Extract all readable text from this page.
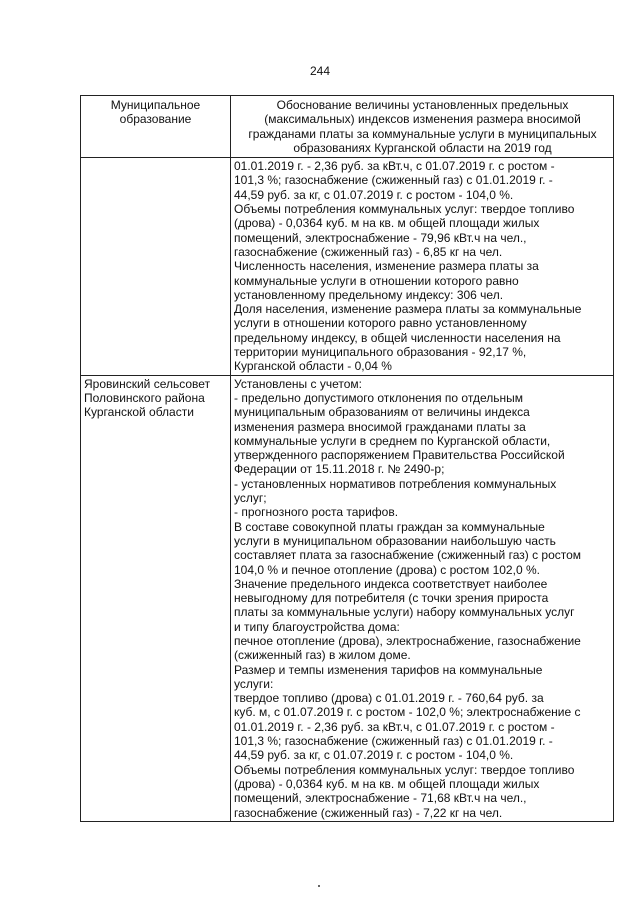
244
Муниципальное
образование
Обоснование величины установленных предельных
(максимальных) индексов изменения размера вносимой
гражданами платы за коммунальные услуги в муниципальных
образованиях Курганской области на 2019 год
01.01.2019 г. - 2,36 руб. за кВт.ч, с 01.07.2019 г. с ростом -
101,3 %; газоснабжение (сжиженный газ) с 01.01.2019 г. -
44,59 руб. за кг, с 01.07.2019 г. с ростом - 104,0 %.
Объемы потребления коммунальных услуг: твердое топливо
(дрова) - 0,0364 куб. м на кв. м общей площади жилых
помещений, электроснабжение - 79,96 кВт.ч на чел.,
газоснабжение (сжиженный газ) - 6,85 кг на чел.
Численность населения, изменение размера платы за
коммунальные услуги в отношении которого равно
установленному предельному индексу: 306 чел.
Доля населения, изменение размера платы за коммунальные
услуги в отношении которого равно установленному
предельному индексу, в общей численности населения на
территории муниципального образования - 92,17 %,
Курганской области - 0,04 %
Яровинский сельсовет
Половинского района
Курганской области
Установлены с учетом:
- предельно допустимого отклонения по отдельным
муниципальным образованиям от величины индекса
изменения размера вносимой гражданами платы за
коммунальные услуги в среднем по Курганской области,
утвержденного распоряжением Правительства Российской
Федерации от 15.11.2018 г. № 2490-р;
- установленных нормативов потребления коммунальных
услуг;
- прогнозного роста тарифов.
В составе совокупной платы граждан за коммунальные
услуги в муниципальном образовании наибольшую часть
составляет плата за газоснабжение (сжиженный газ) с ростом
104,0 % и печное отопление (дрова) с ростом 102,0 %.
Значение предельного индекса соответствует наиболее
невыгодному для потребителя (с точки зрения прироста
платы за коммунальные услуги) набору коммунальных услуг
и типу благоустройства дома:
печное отопление (дрова), электроснабжение, газоснабжение
(сжиженный газ) в жилом доме.
Размер и темпы изменения тарифов на коммунальные
услуги:
твердое топливо (дрова) с 01.01.2019 г. - 760,64 руб. за
куб. м, с 01.07.2019 г. с ростом - 102,0 %; электроснабжение с
01.01.2019 г. - 2,36 руб. за кВт.ч, с 01.07.2019 г. с ростом -
101,3 %; газоснабжение (сжиженный газ) с 01.01.2019 г. -
44,59 руб. за кг, с 01.07.2019 г. с ростом - 104,0 %.
Объемы потребления коммунальных услуг: твердое топливо
(дрова) - 0,0364 куб. м на кв. м общей площади жилых
помещений, электроснабжение - 71,68 кВт.ч на чел.,
газоснабжение (сжиженный газ) - 7,22 кг на чел.
